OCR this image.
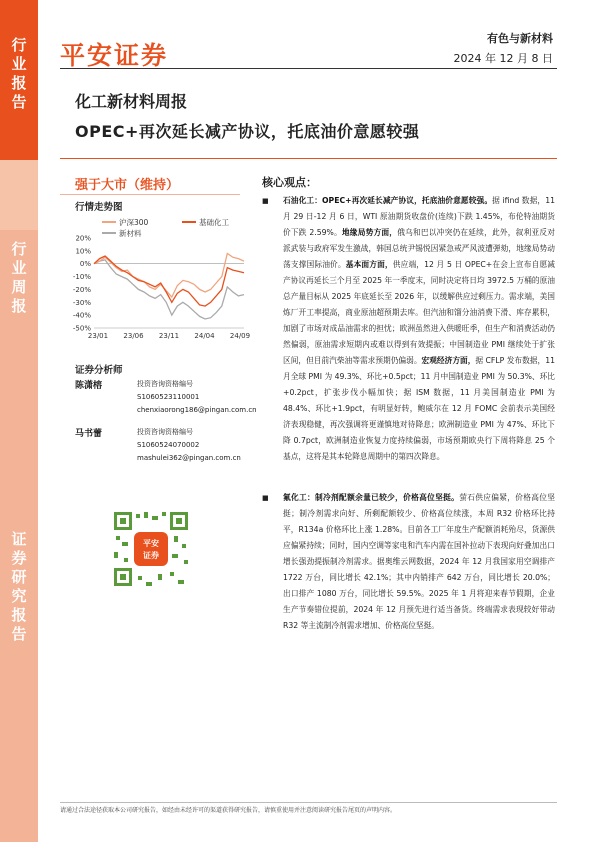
行
业
报
告
行
业
周
报
证
券
研
究
报
告
平安证券
有色与新材料
2024 年 12 月 8 日
化工新材料周报
OPEC+再次延长减产协议，托底油价意愿较强
强于大市（维持）
行情走势图
沪深300	基础化工
新材料
20%
10%
0%
-10%
-20%
-30%
-40%
-50%
23/01 23/06 23/11 24/04 24/09
证券分析师
陈潇榕	投资咨询资格编号
S1060523110001
chenxiaorong186@pingan.com.cn
马书蕾	投资咨询资格编号
S1060524070002
mashulei362@pingan.com.cn
平安
证券
核心观点：
■ 石油化工：OPEC+再次延长减产协议，托底油价意愿较强。据 ifind 数据，11 月 29 日-12 月 6 日，WTI 原油期货收盘价(连续)下跌 1.45%，布伦特油期货价下跌 2.59%。地缘局势方面，俄乌和巴以冲突仍在延续，此外，叙利亚反对派武装与政府军发生激战，韩国总统尹锡悦因紧急戒严风波遭弹劾，地缘局势动荡支撑国际油价。基本面方面，供应端，12 月 5 日 OPEC+在会上宣布自愿减产协议再延长三个月至 2025 年一季度末，同时决定将日均 3972.5 万桶的原油总产量目标从 2025 年底延长至 2026 年，以缓解供应过剩压力。需求端，美国炼厂开工率提高，商业原油超预期去库。但汽油和馏分油消费下滑、库存累积，加剧了市场对成品油需求的担忧；欧洲虽然进入供暖旺季，但生产和消费活动仍然偏弱，原油需求短期内或难以得到有效提振；中国制造业 PMI 继续处于扩张区间，但目前汽柴油等需求预期仍偏弱。宏观经济方面，据 CFLP 发布数据，11 月全球 PMI 为 49.3%、环比+0.5pct；11 月中国制造业 PMI 为 50.3%、环比+0.2pct，扩张步伐小幅加快；据 ISM 数据，11 月美国制造业 PMI 为 48.4%、环比+1.9pct，有明显好转，鲍威尔在 12 月 FOMC 会前表示美国经济表现稳健，再次强调将更谨慎地对待降息；欧洲制造业 PMI 为 47%、环比下降 0.7pct，欧洲制造业恢复力度持续偏弱，市场预期欧央行下周将降息 25 个基点，这将是其本轮降息周期中的第四次降息。
■ 氟化工：制冷剂配额余量已较少，价格高位坚挺。萤石供应偏紧，价格高位坚挺；制冷剂需求向好、所剩配额较少、价格高位续涨，本周 R32 价格环比持平，R134a 价格环比上涨 1.28%。目前各工厂年度生产配额消耗殆尽，货源供应偏紧持续；同时，国内空调等家电和汽车内需在国补拉动下表现向好叠加出口增长强劲提振制冷剂需求。据奥维云网数据，2024 年 12 月我国家用空调排产 1722 万台，同比增长 42.1%；其中内销排产 642 万台，同比增长 20.0%；出口排产 1080 万台，同比增长 59.5%。2025 年 1 月将迎来春节假期，企业生产节奏错位提前，2024 年 12 月预先进行适当备货。终端需求表现较好带动 R32 等主流制冷剂需求增加、价格高位坚挺。
请通过合法途径获取本公司研究报告，如经由未经许可的渠道获得研究报告，请慎重使用并注意阅读研究报告尾页的声明内容。
